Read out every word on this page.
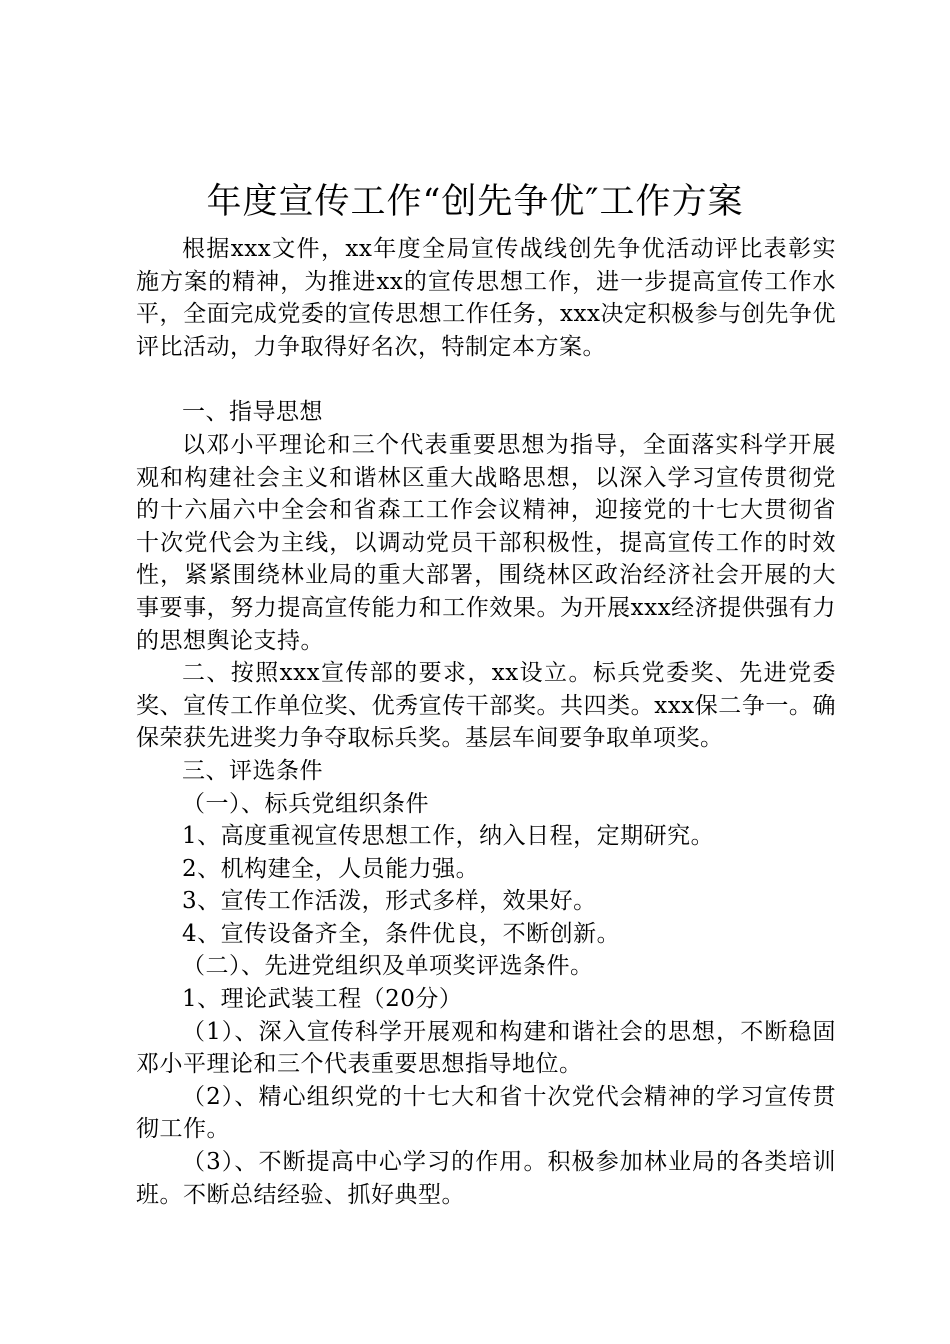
年度宣传工作“创先争优″工作方案

根据xxx文件，xx年度全局宣传战线创先争优活动评比表彰实施方案的精神，为推进xx的宣传思想工作，进一步提高宣传工作水平，全面完成党委的宣传思想工作任务，xxx决定积极参与创先争优评比活动，力争取得好名次，特制定本方案。

一、指导思想

以邓小平理论和三个代表重要思想为指导，全面落实科学开展观和构建社会主义和谐林区重大战略思想，以深入学习宣传贯彻党的十六届六中全会和省森工工作会议精神，迎接党的十七大贯彻省十次党代会为主线，以调动党员干部积极性，提高宣传工作的时效性，紧紧围绕林业局的重大部署，围绕林区政治经济社会开展的大事要事，努力提高宣传能力和工作效果。为开展xxx经济提供强有力的思想舆论支持。

二、按照xxx宣传部的要求，xx设立。标兵党委奖、先进党委奖、宣传工作单位奖、优秀宣传干部奖。共四类。xxx保二争一。确保荣获先进奖力争夺取标兵奖。基层车间要争取单项奖。

三、评选条件

（一）、标兵党组织条件

1、高度重视宣传思想工作，纳入日程，定期研究。

2、机构建全，人员能力强。

3、宣传工作活泼，形式多样，效果好。

4、宣传设备齐全，条件优良，不断创新。

（二）、先进党组织及单项奖评选条件。

1、理论武装工程（20分）

（1）、深入宣传科学开展观和构建和谐社会的思想，不断稳固邓小平理论和三个代表重要思想指导地位。

（2）、精心组织党的十七大和省十次党代会精神的学习宣传贯彻工作。

（3）、不断提高中心学习的作用。积极参加林业局的各类培训班。不断总结经验、抓好典型。
